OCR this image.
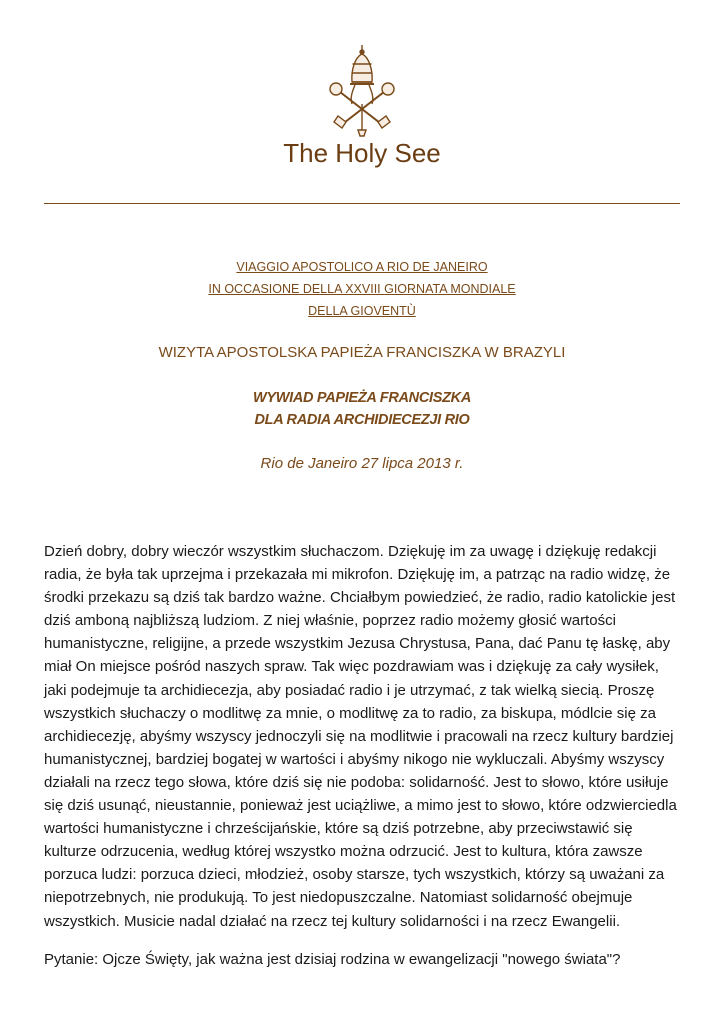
The Holy See
VIAGGIO APOSTOLICO A RIO DE JANEIRO
IN OCCASIONE DELLA XXVIII GIORNATA MONDIALE
DELLA GIOVENTÙ
WIZYTA APOSTOLSKA PAPIEŻA FRANCISZKA W BRAZYLI
WYWIAD PAPIEŻA FRANCISZKA
DLA RADIA ARCHIDIECEZJI RIO
Rio de Janeiro 27 lipca 2013 r.

Dzień dobry, dobry wieczór wszystkim słuchaczom. Dziękuję im za uwagę i dziękuję redakcji radia, że była tak uprzejma i przekazała mi mikrofon. Dziękuję im, a patrząc na radio widzę, że środki przekazu są dziś tak bardzo ważne. Chciałbym powiedzieć, że radio, radio katolickie jest dziś amboną najbliższą ludziom. Z niej właśnie, poprzez radio możemy głosić wartości humanistyczne, religijne, a przede wszystkim Jezusa Chrystusa, Pana, dać Panu tę łaskę, aby miał On miejsce pośród naszych spraw. Tak więc pozdrawiam was i dziękuję za cały wysiłek, jaki podejmuje ta archidiecezja, aby posiadać radio i je utrzymać, z tak wielką siecią. Proszę wszystkich słuchaczy o modlitwę za mnie, o modlitwę za to radio, za biskupa, módlcie się za archidiecezję, abyśmy wszyscy jednoczyli się na modlitwie i pracowali na rzecz kultury bardziej humanistycznej, bardziej bogatej w wartości i abyśmy nikogo nie wykluczali. Abyśmy wszyscy działali na rzecz tego słowa, które dziś się nie podoba: solidarność. Jest to słowo, które usiłuje się dziś usunąć, nieustannie, ponieważ jest uciążliwe, a mimo jest to słowo, które odzwierciedla wartości humanistyczne i chrześcijańskie, które są dziś potrzebne, aby przeciwstawić się kulturze odrzucenia, według której wszystko można odrzucić. Jest to kultura, która zawsze porzuca ludzi: porzuca dzieci, młodzież, osoby starsze, tych wszystkich, którzy są uważani za niepotrzebnych, nie produkują. To jest niedopuszczalne. Natomiast solidarność obejmuje wszystkich. Musicie nadal działać na rzecz tej kultury solidarności i na rzecz Ewangelii.

Pytanie: Ojcze Święty, jak ważna jest dzisiaj rodzina w ewangelizacji "nowego świata"?
